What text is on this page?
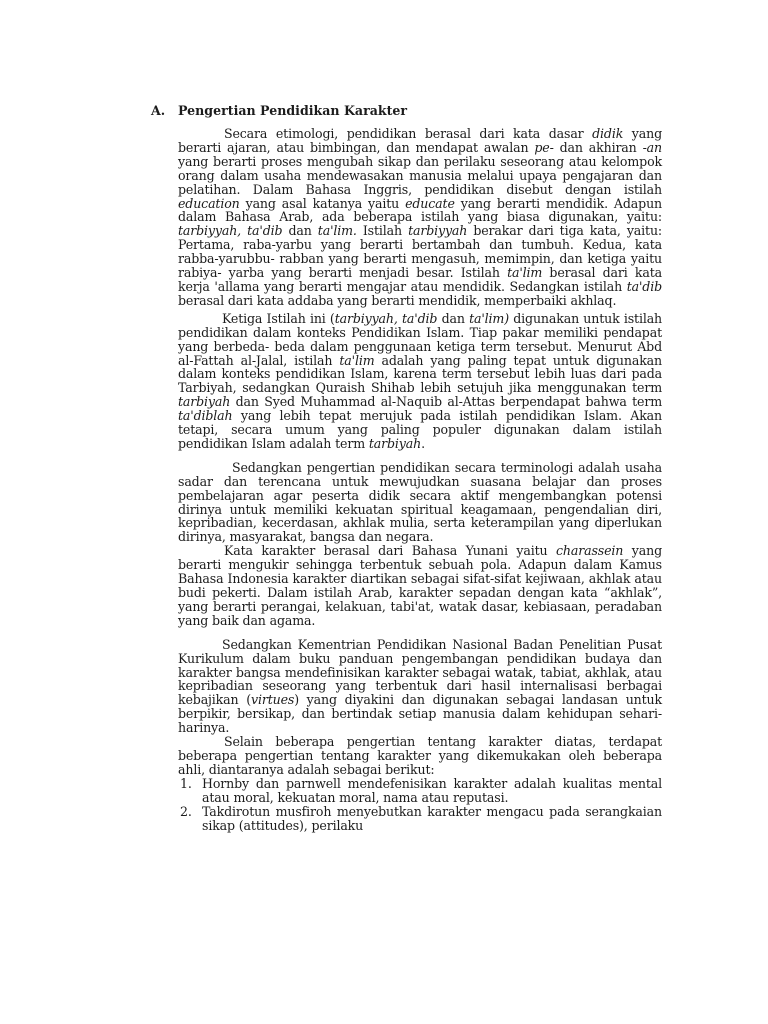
A. Pengertian Pendidikan Karakter

Secara etimologi, pendidikan berasal dari kata dasar didik yang berarti ajaran, atau bimbingan, dan mendapat awalan pe- dan akhiran -an yang berarti proses mengubah sikap dan perilaku seseorang atau kelompok orang dalam usaha mendewasakan manusia melalui upaya pengajaran dan pelatihan. Dalam Bahasa Inggris, pendidikan disebut dengan istilah education yang asal katanya yaitu educate yang berarti mendidik. Adapun dalam Bahasa Arab, ada beberapa istilah yang biasa digunakan, yaitu: tarbiyyah, ta'dib dan ta'lim. Istilah tarbiyyah berakar dari tiga kata, yaitu: Pertama, raba-yarbu yang berarti bertambah dan tumbuh. Kedua, kata rabba-yarubbu- rabban yang berarti mengasuh, memimpin, dan ketiga yaitu rabiya- yarba yang berarti menjadi besar. Istilah ta'lim berasal dari kata kerja 'allama yang berarti mengajar atau mendidik. Sedangkan istilah ta'dib berasal dari kata addaba yang berarti mendidik, memperbaiki akhlaq.

Ketiga Istilah ini (tarbiyyah, ta'dib dan ta'lim) digunakan untuk istilah pendidikan dalam konteks Pendidikan Islam. Tiap pakar memiliki pendapat yang berbeda- beda dalam penggunaan ketiga term tersebut. Menurut Abd al-Fattah al-Jalal, istilah ta'lim adalah yang paling tepat untuk digunakan dalam konteks pendidikan Islam, karena term tersebut lebih luas dari pada Tarbiyah, sedangkan Quraish Shihab lebih setujuh jika menggunakan term tarbiyah dan Syed Muhammad al-Naquib al-Attas berpendapat bahwa term ta'diblah yang lebih tepat merujuk pada istilah pendidikan Islam. Akan tetapi, secara umum yang paling populer digunakan dalam istilah pendidikan Islam adalah term tarbiyah.

Sedangkan pengertian pendidikan secara terminologi adalah usaha sadar dan terencana untuk mewujudkan suasana belajar dan proses pembelajaran agar peserta didik secara aktif mengembangkan potensi dirinya untuk memiliki kekuatan spiritual keagamaan, pengendalian diri, kepribadian, kecerdasan, akhlak mulia, serta keterampilan yang diperlukan dirinya, masyarakat, bangsa dan negara.

Kata karakter berasal dari Bahasa Yunani yaitu charassein yang berarti mengukir sehingga terbentuk sebuah pola. Adapun dalam Kamus Bahasa Indonesia karakter diartikan sebagai sifat-sifat kejiwaan, akhlak atau budi pekerti. Dalam istilah Arab, karakter sepadan dengan kata “akhlak”, yang berarti perangai, kelakuan, tabi'at, watak dasar, kebiasaan, peradaban yang baik dan agama.

Sedangkan Kementrian Pendidikan Nasional Badan Penelitian Pusat Kurikulum dalam buku panduan pengembangan pendidikan budaya dan karakter bangsa mendefinisikan karakter sebagai watak, tabiat, akhlak, atau kepribadian seseorang yang terbentuk dari hasil internalisasi berbagai kebajikan (virtues) yang diyakini dan digunakan sebagai landasan untuk berpikir, bersikap, dan bertindak setiap manusia dalam kehidupan sehari- harinya.

Selain beberapa pengertian tentang karakter diatas, terdapat beberapa pengertian tentang karakter yang dikemukakan oleh beberapa ahli, diantaranya adalah sebagai berikut:

1. Hornby dan parnwell mendefenisikan karakter adalah kualitas mental atau moral, kekuatan moral, nama atau reputasi.
2. Takdirotun musfiroh menyebutkan karakter mengacu pada serangkaian sikap (attitudes), perilaku
